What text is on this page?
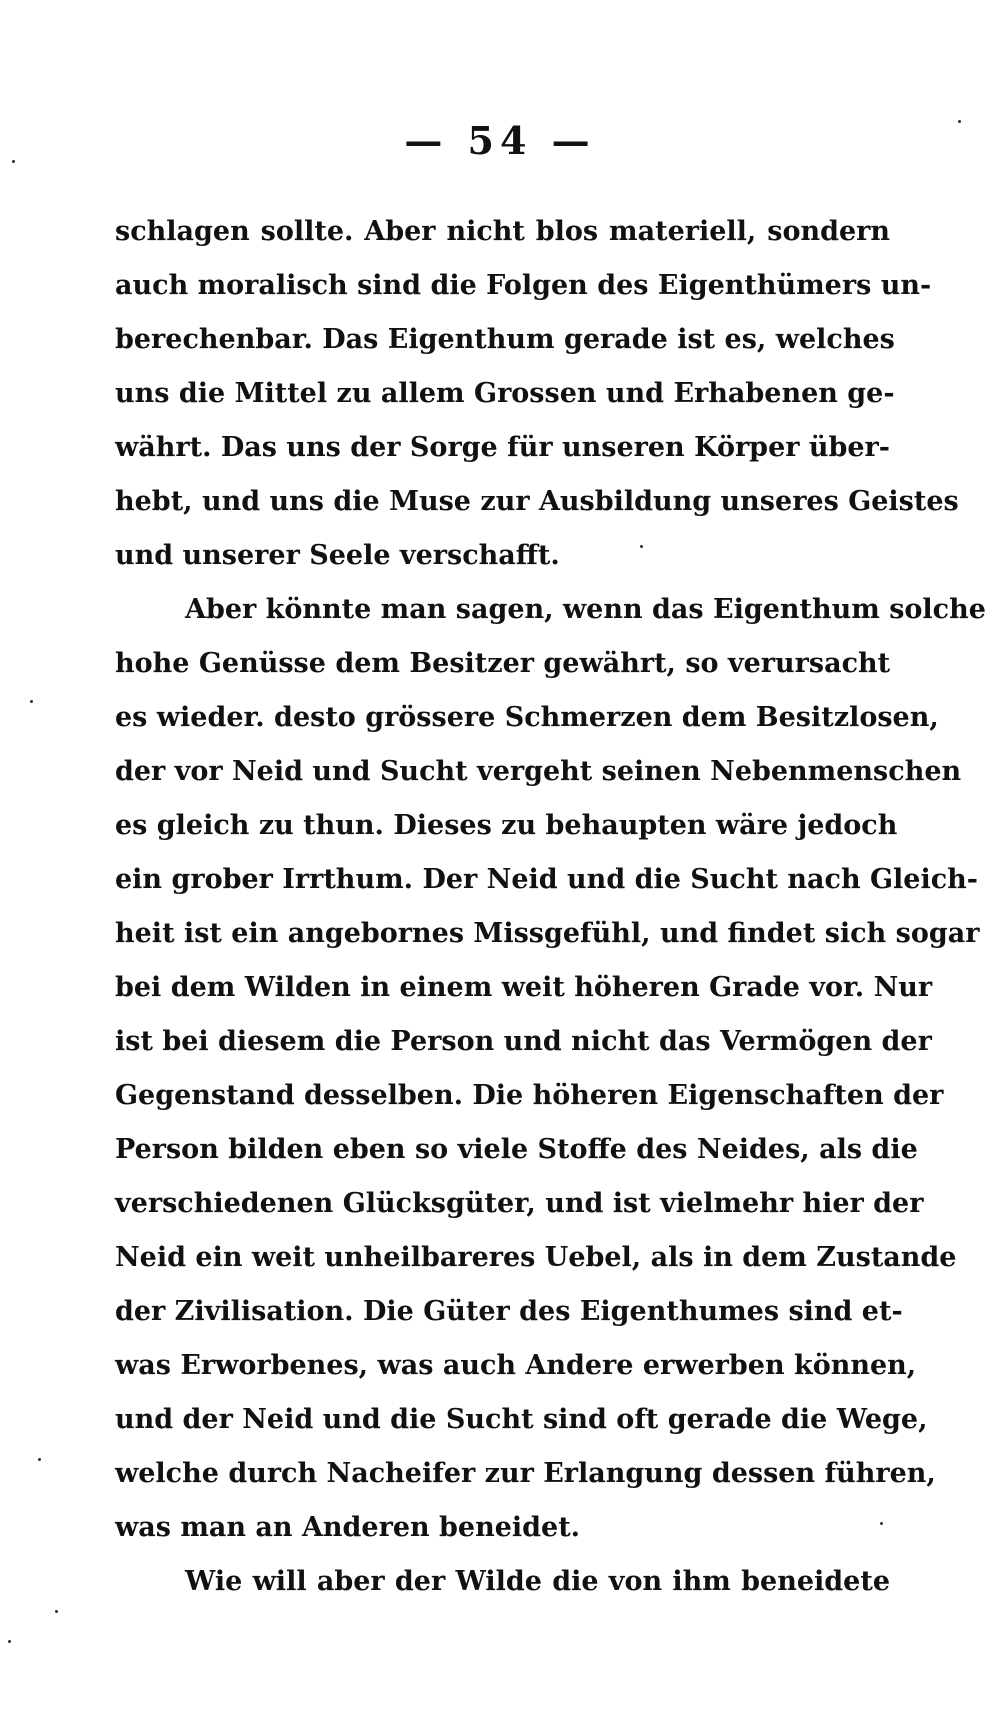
— 54 —
schlagen sollte. Aber nicht blos materiell, sondern
auch moralisch sind die Folgen des Eigenthümers un-
berechenbar. Das Eigenthum gerade ist es, welches
uns die Mittel zu allem Grossen und Erhabenen ge-
währt. Das uns der Sorge für unseren Körper über-
hebt, und uns die Muse zur Ausbildung unseres Geistes
und unserer Seele verschafft.
Aber könnte man sagen, wenn das Eigenthum solche
hohe Genüsse dem Besitzer gewährt, so verursacht
es wieder. desto grössere Schmerzen dem Besitzlosen,
der vor Neid und Sucht vergeht seinen Nebenmenschen
es gleich zu thun. Dieses zu behaupten wäre jedoch
ein grober Irrthum. Der Neid und die Sucht nach Gleich-
heit ist ein angebornes Missgefühl, und findet sich sogar
bei dem Wilden in einem weit höheren Grade vor. Nur
ist bei diesem die Person und nicht das Vermögen der
Gegenstand desselben. Die höheren Eigenschaften der
Person bilden eben so viele Stoffe des Neides, als die
verschiedenen Glücksgüter, und ist vielmehr hier der
Neid ein weit unheilbareres Uebel, als in dem Zustande
der Zivilisation. Die Güter des Eigenthumes sind et-
was Erworbenes, was auch Andere erwerben können,
und der Neid und die Sucht sind oft gerade die Wege,
welche durch Nacheifer zur Erlangung dessen führen,
was man an Anderen beneidet.
Wie will aber der Wilde die von ihm beneidete
